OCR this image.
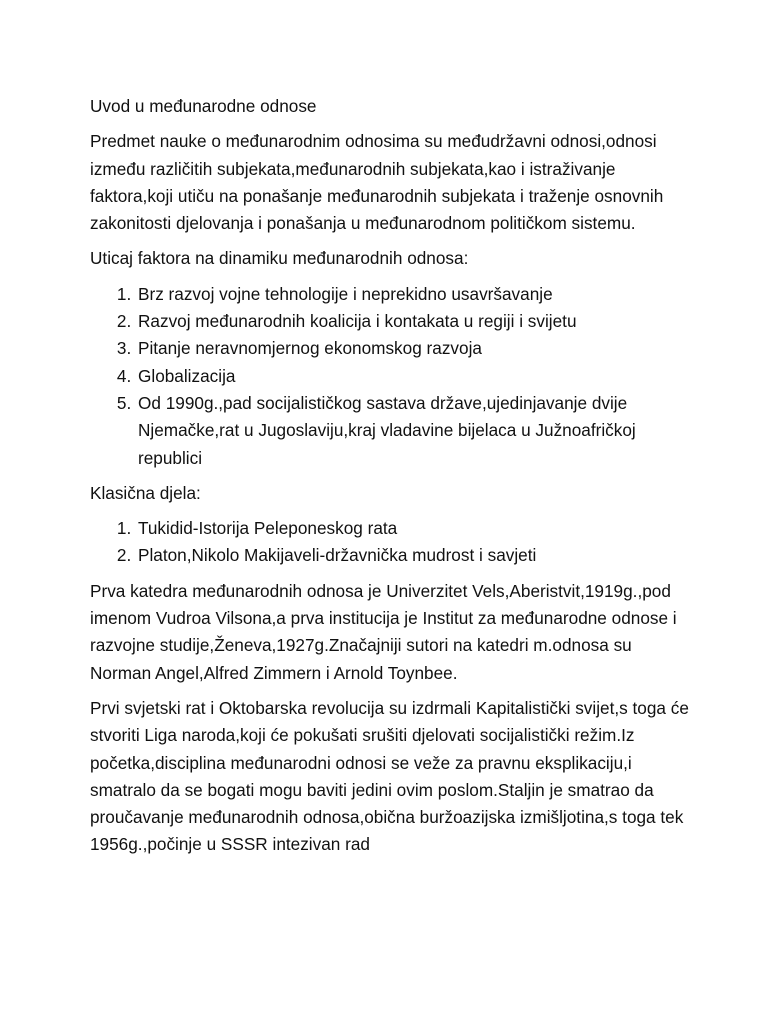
Uvod u međunarodne odnose

Predmet nauke o međunarodnim odnosima su međudržavni odnosi,odnosi između različitih subjekata,međunarodnih subjekata,kao i istraživanje faktora,koji utiču na ponašanje međunarodnih subjekata i traženje osnovnih zakonitosti djelovanja i ponašanja u međunarodnom političkom sistemu.

Uticaj faktora na dinamiku međunarodnih odnosa:

1. Brz razvoj vojne tehnologije i neprekidno usavršavanje
2. Razvoj međunarodnih koalicija i kontakata u regiji i svijetu
3. Pitanje neravnomjernog ekonomskog razvoja
4. Globalizacija
5. Od 1990g.,pad socijalističkog sastava države,ujedinjavanje dvije Njemačke,rat u Jugoslaviju,kraj vladavine bijelaca u Južnoafričkoj republici

Klasična djela:

1. Tukidid-Istorija Peleponeskog rata
2. Platon,Nikolo Makijaveli-državnička mudrost i savjeti

Prva katedra međunarodnih odnosa je Univerzitet Vels,Aberistvit,1919g.,pod imenom Vudroa Vilsona,a prva institucija je Institut za međunarodne odnose i razvojne studije,Ženeva,1927g.Značajniji sutori na katedri m.odnosa su Norman Angel,Alfred Zimmern i Arnold Toynbee.

Prvi svjetski rat i Oktobarska revolucija su izdrmali Kapitalistički svijet,s toga će stvoriti Liga naroda,koji će pokušati srušiti djelovati socijalistički režim.Iz početka,disciplina međunarodni odnosi se veže za pravnu eksplikaciju,i smatralo da se bogati mogu baviti jedini ovim poslom.Staljin je smatrao da proučavanje međunarodnih odnosa,obična buržoazijska izmišljotina,s toga tek 1956g.,počinje u SSSR intezivan rad
